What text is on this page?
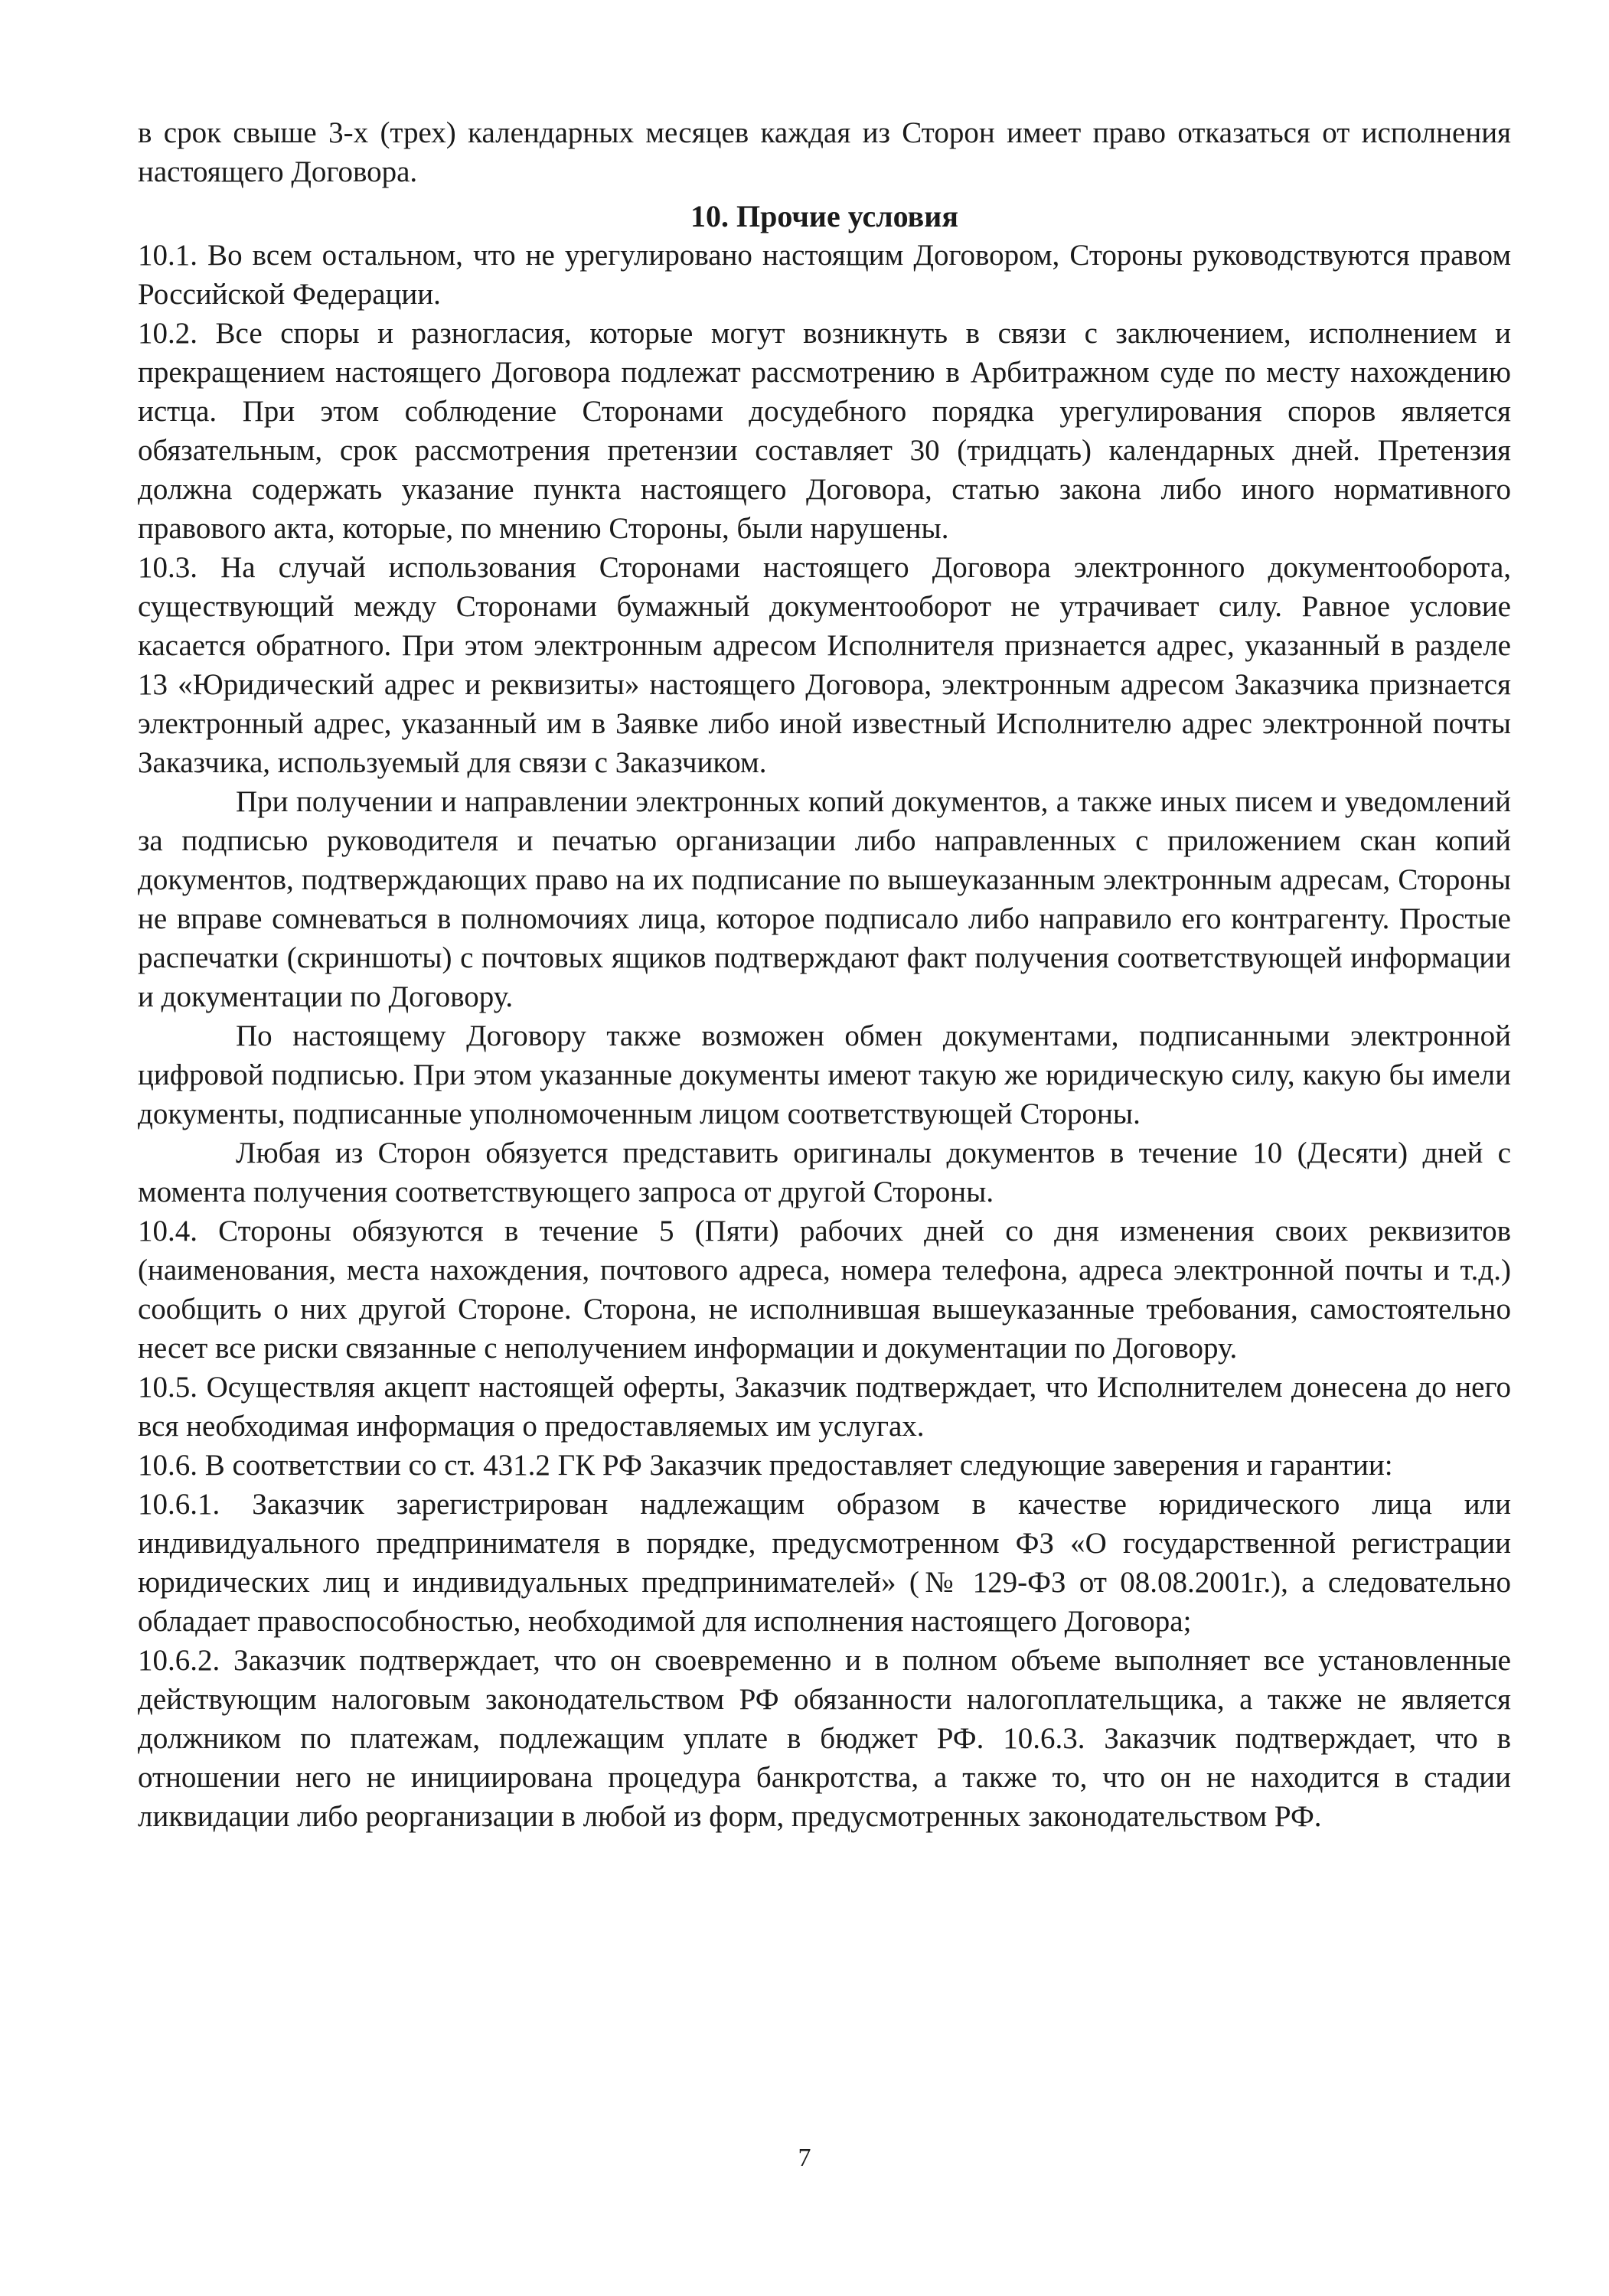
в срок свыше 3-х (трех) календарных месяцев каждая из Сторон имеет право отказаться от исполнения настоящего Договора.

10. Прочие условия

10.1. Во всем остальном, что не урегулировано настоящим Договором, Стороны руководствуются правом Российской Федерации.

10.2. Все споры и разногласия, которые могут возникнуть в связи с заключением, исполнением и прекращением настоящего Договора подлежат рассмотрению в Арбитражном суде по месту нахождению истца. При этом соблюдение Сторонами досудебного порядка урегулирования споров является обязательным, срок рассмотрения претензии составляет 30 (тридцать) календарных дней. Претензия должна содержать указание пункта настоящего Договора, статью закона либо иного нормативного правового акта, которые, по мнению Стороны, были нарушены.

10.3. На случай использования Сторонами настоящего Договора электронного документооборота, существующий между Сторонами бумажный документооборот не утрачивает силу. Равное условие касается обратного. При этом электронным адресом Исполнителя признается адрес, указанный в разделе 13 «Юридический адрес и реквизиты» настоящего Договора, электронным адресом Заказчика признается электронный адрес, указанный им в Заявке либо иной известный Исполнителю адрес электронной почты Заказчика, используемый для связи с Заказчиком.

При получении и направлении электронных копий документов, а также иных писем и уведомлений за подписью руководителя и печатью организации либо направленных с приложением скан копий документов, подтверждающих право на их подписание по вышеуказанным электронным адресам, Стороны не вправе сомневаться в полномочиях лица, которое подписало либо направило его контрагенту. Простые распечатки (скриншоты) с почтовых ящиков подтверждают факт получения соответствующей информации и документации по Договору.

По настоящему Договору также возможен обмен документами, подписанными электронной цифровой подписью. При этом указанные документы имеют такую же юридическую силу, какую бы имели документы, подписанные уполномоченным лицом соответствующей Стороны.

Любая из Сторон обязуется представить оригиналы документов в течение 10 (Десяти) дней с момента получения соответствующего запроса от другой Стороны.

10.4. Стороны обязуются в течение 5 (Пяти) рабочих дней со дня изменения своих реквизитов (наименования, места нахождения, почтового адреса, номера телефона, адреса электронной почты и т.д.) сообщить о них другой Стороне. Сторона, не исполнившая вышеуказанные требования, самостоятельно несет все риски связанные с неполучением информации и документации по Договору.

10.5. Осуществляя акцепт настоящей оферты, Заказчик подтверждает, что Исполнителем донесена до него вся необходимая информация о предоставляемых им услугах.

10.6. В соответствии со ст. 431.2 ГК РФ Заказчик предоставляет следующие заверения и гарантии:

10.6.1. Заказчик зарегистрирован надлежащим образом в качестве юридического лица или индивидуального предпринимателя в порядке, предусмотренном ФЗ «О государственной регистрации юридических лиц и индивидуальных предпринимателей» (№ 129-ФЗ от 08.08.2001г.), а следовательно обладает правоспособностью, необходимой для исполнения настоящего Договора;

10.6.2. Заказчик подтверждает, что он своевременно и в полном объеме выполняет все установленные действующим налоговым законодательством РФ обязанности налогоплательщика, а также не является должником по платежам, подлежащим уплате в бюджет РФ. 10.6.3. Заказчик подтверждает, что в отношении него не инициирована процедура банкротства, а также то, что он не находится в стадии ликвидации либо реорганизации в любой из форм, предусмотренных законодательством РФ.

7
